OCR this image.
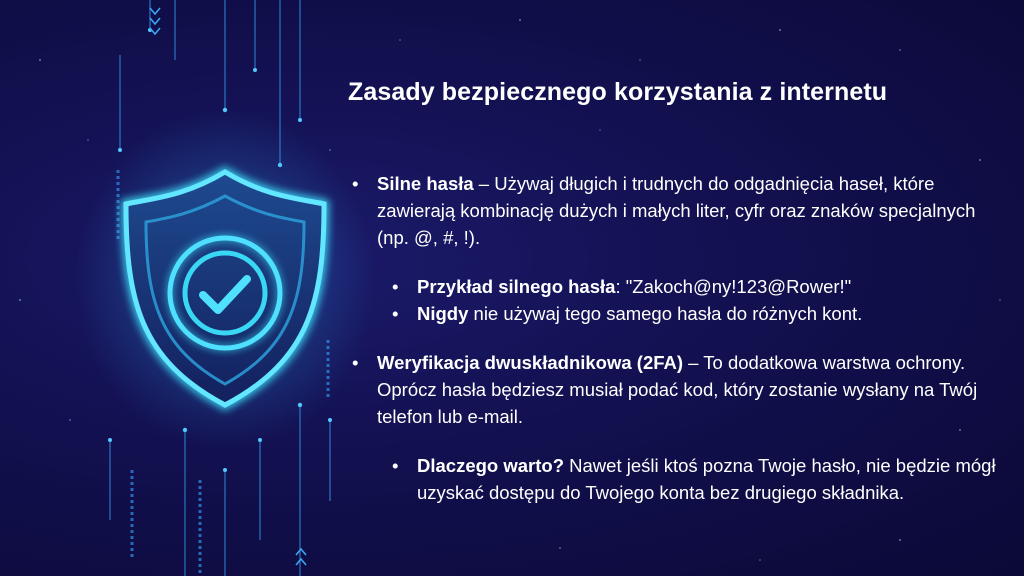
Zasady bezpiecznego korzystania z internetu
• Silne hasła – Używaj długich i trudnych do odgadnięcia haseł, które zawierają kombinację dużych i małych liter, cyfr oraz znaków specjalnych (np. @, #, !).
• Przykład silnego hasła: "Zakoch@ny!123@Rower!"
• Nigdy nie używaj tego samego hasła do różnych kont.
• Weryfikacja dwuskładnikowa (2FA) – To dodatkowa warstwa ochrony. Oprócz hasła będziesz musiał podać kod, który zostanie wysłany na Twój telefon lub e-mail.
• Dlaczego warto? Nawet jeśli ktoś pozna Twoje hasło, nie będzie mógł uzyskać dostępu do Twojego konta bez drugiego składnika.
